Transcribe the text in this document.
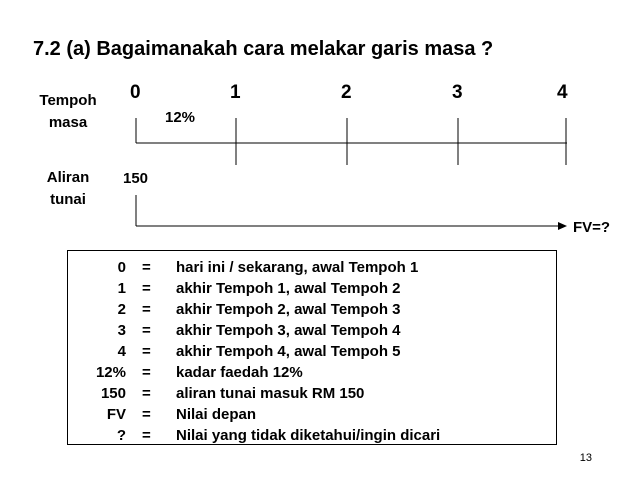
7.2 (a) Bagaimanakah cara melakar garis masa ?
Tempoh
masa
Aliran
tunai
0	1	2	3	4
12%
150
FV=?
0 = hari ini / sekarang, awal Tempoh 1
1 = akhir Tempoh 1, awal Tempoh 2
2 = akhir Tempoh 2, awal Tempoh 3
3 = akhir Tempoh 3, awal Tempoh 4
4 = akhir Tempoh 4, awal Tempoh 5
12% = kadar faedah 12%
150 = aliran tunai masuk RM 150
FV = Nilai depan
? = Nilai yang tidak diketahui/ingin dicari
13
